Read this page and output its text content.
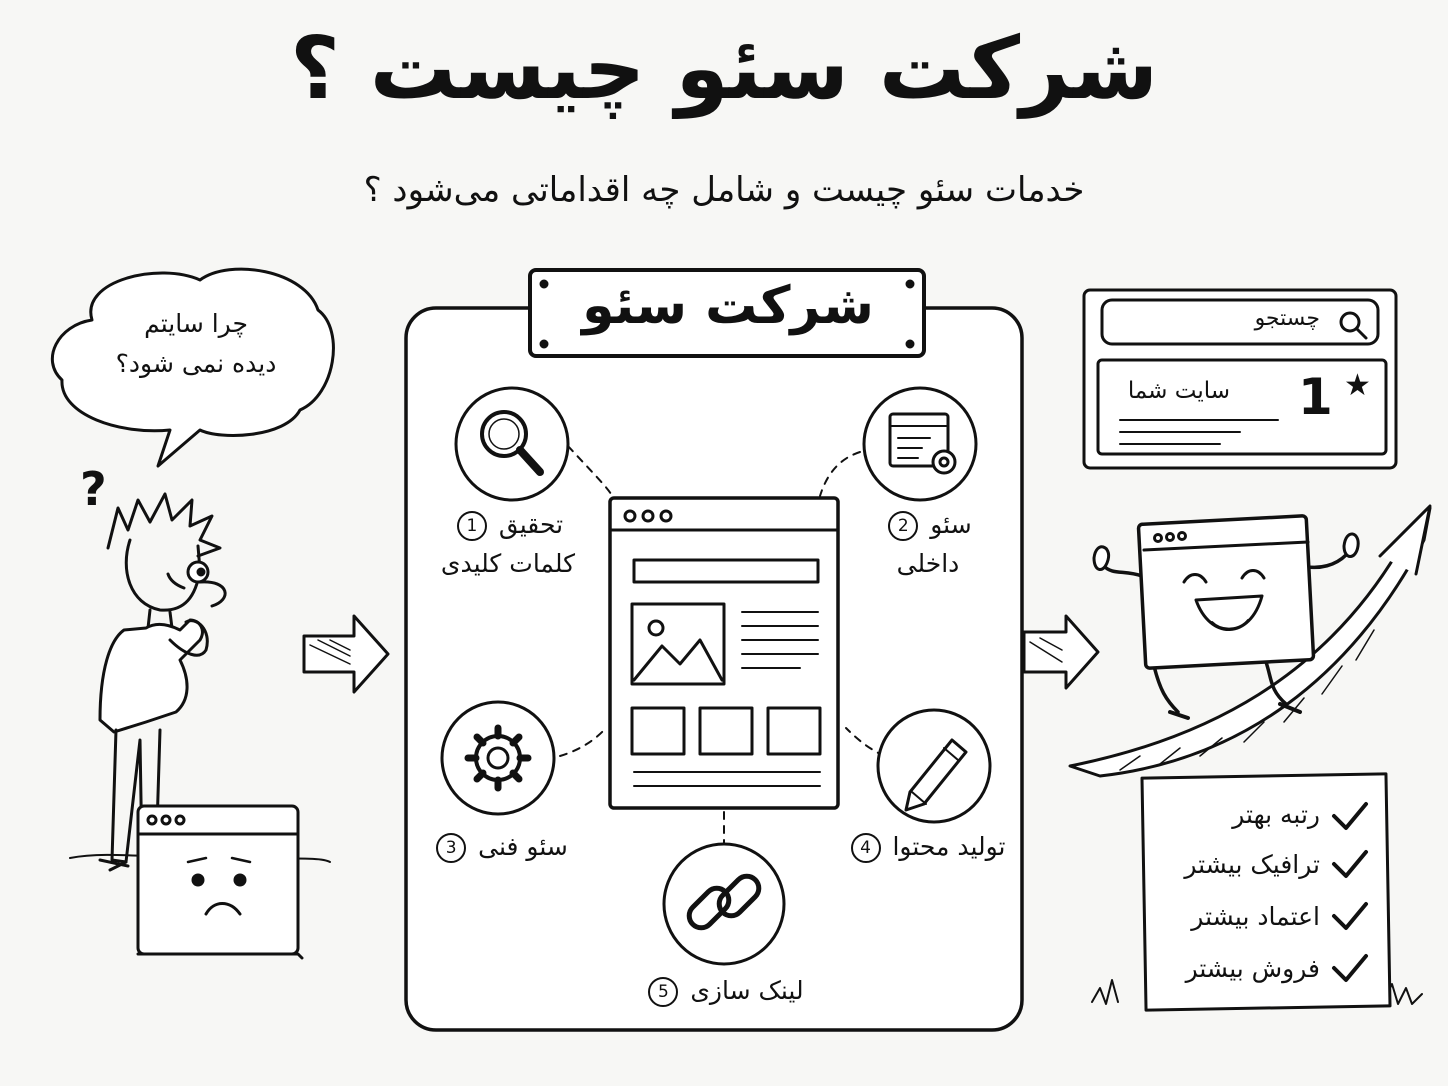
شرکت سئو چیست ؟
خدمات سئو چیست و شامل چه اقداماتی می‌شود ؟
چرا سایتم
دیده نمی شود؟
?
شرکت سئو
تحقیق 1
کلمات کلیدی
سئو 2
داخلی
سئو فنی 3	تولید محتوا 4
لینک سازی 5
چستجو
سایت شما 1 ★
رتبه بهتر
ترافیک بیشتر
اعتماد بیشتر
فروش بیشتر
